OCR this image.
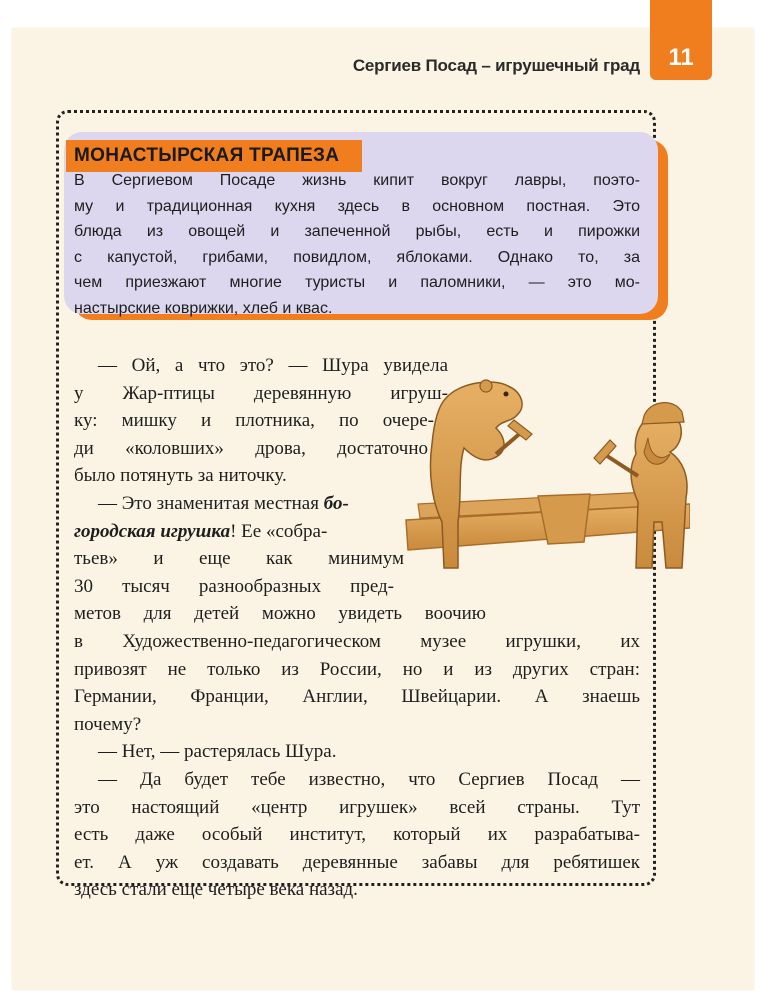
11
Сергиев Посад – игрушечный град
МОНАСТЫРСКАЯ ТРАПЕЗА
В Сергиевом Посаде жизнь кипит вокруг лавры, поэто-
му и традиционная кухня здесь в основном постная. Это
блюда из овощей и запеченной рыбы, есть и пирожки
с капустой, грибами, повидлом, яблоками. Однако то, за
чем приезжают многие туристы и паломники, — это мо-
настырские коврижки, хлеб и квас.
— Ой, а что это? — Шура увидела
у Жар-птицы деревянную игруш-
ку: мишку и плотника, по очере-
ди «коловших» дрова, достаточно
было потянуть за ниточку.
— Это знаменитая местная бо-
городская игрушка! Ее «собра-
тьев» и еще как минимум
30 тысяч разнообразных пред-
метов для детей можно увидеть воочию
в Художественно-педагогическом музее игрушки, их
привозят не только из России, но и из других стран:
Германии, Франции, Англии, Швейцарии. А знаешь
почему?
— Нет, — растерялась Шура.
— Да будет тебе известно, что Сергиев Посад —
это настоящий «центр игрушек» всей страны. Тут
есть даже особый институт, который их разрабатыва-
ет. А уж создавать деревянные забавы для ребятишек
здесь стали еще четыре века назад.
